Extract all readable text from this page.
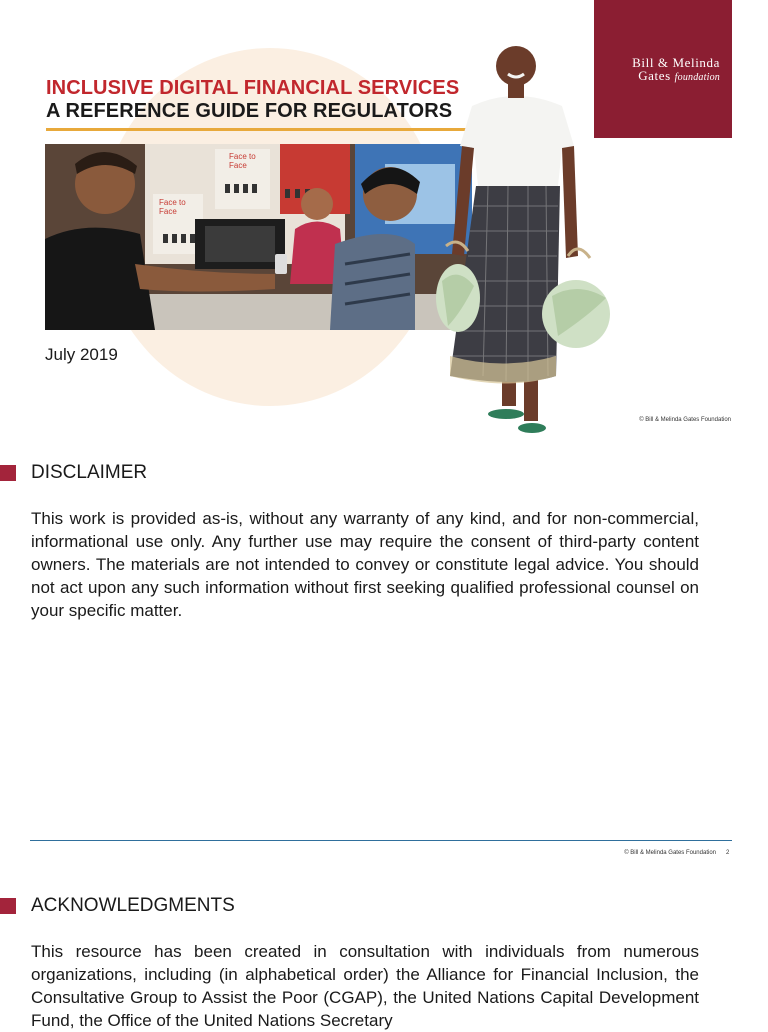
INCLUSIVE DIGITAL FINANCIAL SERVICES
A REFERENCE GUIDE FOR REGULATORS
Face to Face
Face to Face
July 2019
Bill & Melinda
Gates foundation
© Bill & Melinda Gates Foundation
DISCLAIMER
This work is provided as-is, without any warranty of any kind, and for non-commercial, informational use only. Any further use may require the consent of third-party content owners. The materials are not intended to convey or constitute legal advice. You should not act upon any such information without first seeking qualified professional counsel on your specific matter.
© Bill & Melinda Gates Foundation 2
ACKNOWLEDGMENTS
This resource has been created in consultation with individuals from numerous organizations, including (in alphabetical order) the Alliance for Financial Inclusion, the Consultative Group to Assist the Poor (CGAP), the United Nations Capital Development Fund, the Office of the United Nations Secretary
